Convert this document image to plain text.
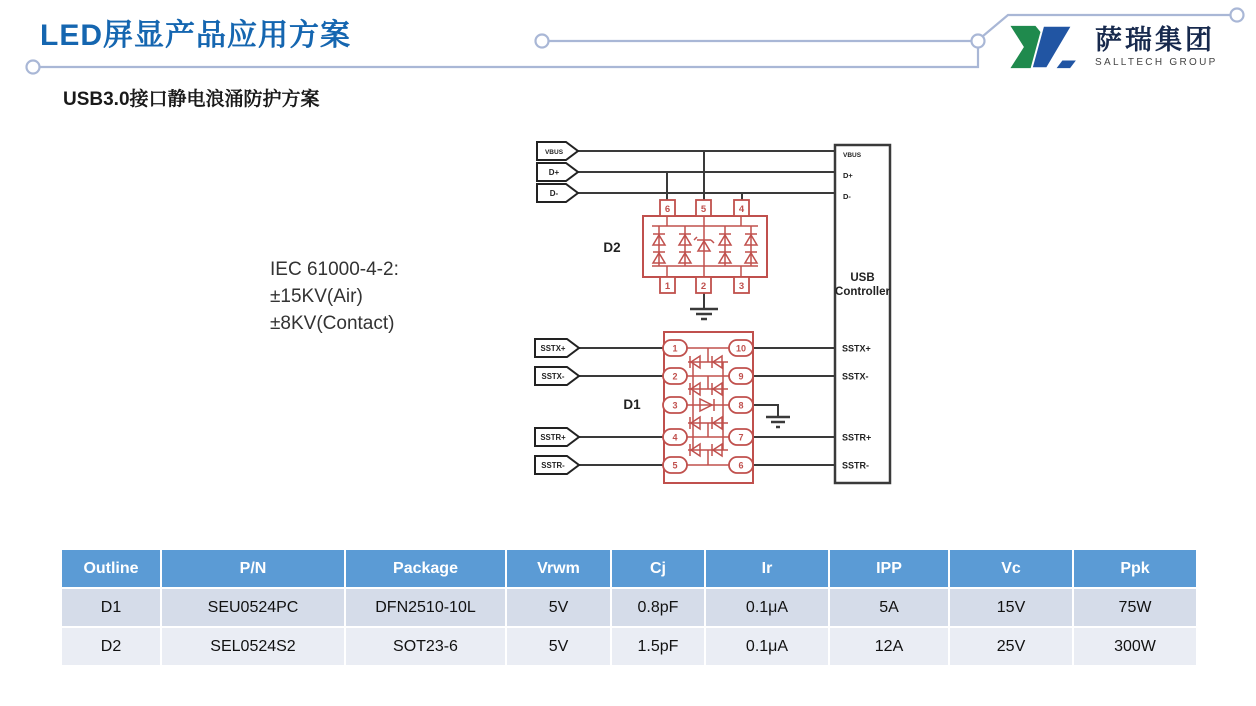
LED屏显产品应用方案	萨瑞集团
SALLTECH GROUP
USB3.0接口静电浪涌防护方案
IEC 61000-4-2:
±15KV(Air)
±8KV(Contact)
VBUS
D+
D-
SSTX+
SSTX-
SSTR+
SSTR-
6	5	4
1	2	3
D2
1
2
3
4
5
10
9
8
7
6
D1
VBUS
D+
D-
SSTX+
SSTX-
SSTR+
SSTR-
USB
Controller
Outline	P/N	Package	Vrwm	Cj	Ir	IPP	Vc	Ppk
D1	SEU0524PC	DFN2510-10L	5V	0.8pF	0.1μA	5A	15V	75W
D2	SEL0524S2	SOT23-6	5V	1.5pF	0.1μA	12A	25V	300W
